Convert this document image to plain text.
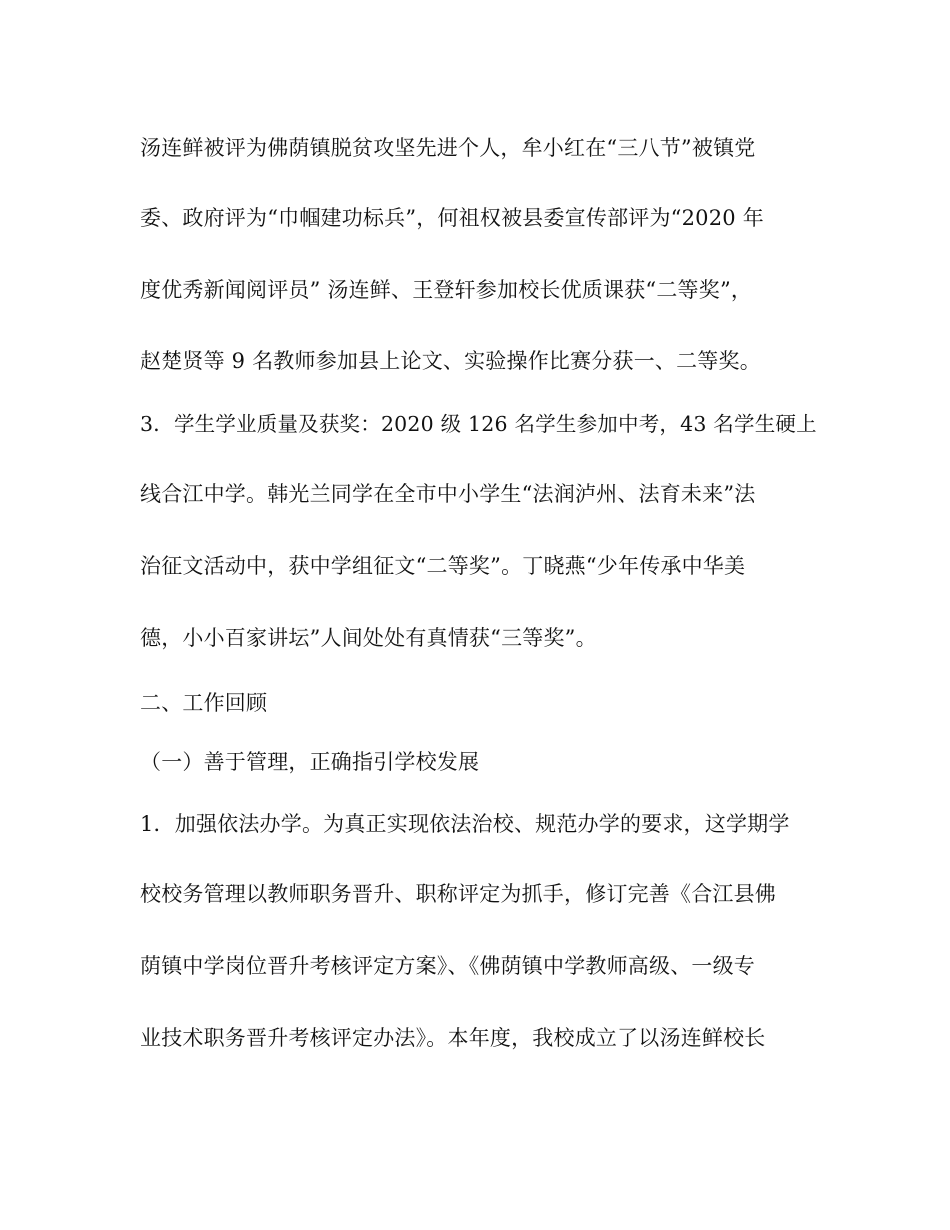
汤连鲜被评为佛荫镇脱贫攻坚先进个人，牟小红在“三八节”被镇党
委、政府评为“巾帼建功标兵”，何祖权被县委宣传部评为“2020 年
度优秀新闻阅评员” 汤连鲜、王登轩参加校长优质课获“二等奖”，
赵楚贤等 9 名教师参加县上论文、实验操作比赛分获一、二等奖。
3．学生学业质量及获奖：2020 级 126 名学生参加中考，43 名学生硬上
线合江中学。韩光兰同学在全市中小学生“法润泸州、法育未来”法
治征文活动中，获中学组征文“二等奖”。丁晓燕“少年传承中华美
德，小小百家讲坛”人间处处有真情获“三等奖”。
二、工作回顾
（一）善于管理，正确指引学校发展
1．加强依法办学。为真正实现依法治校、规范办学的要求，这学期学
校校务管理以教师职务晋升、职称评定为抓手，修订完善《合江县佛
荫镇中学岗位晋升考核评定方案》、《佛荫镇中学教师高级、一级专
业技术职务晋升考核评定办法》。本年度，我校成立了以汤连鲜校长
